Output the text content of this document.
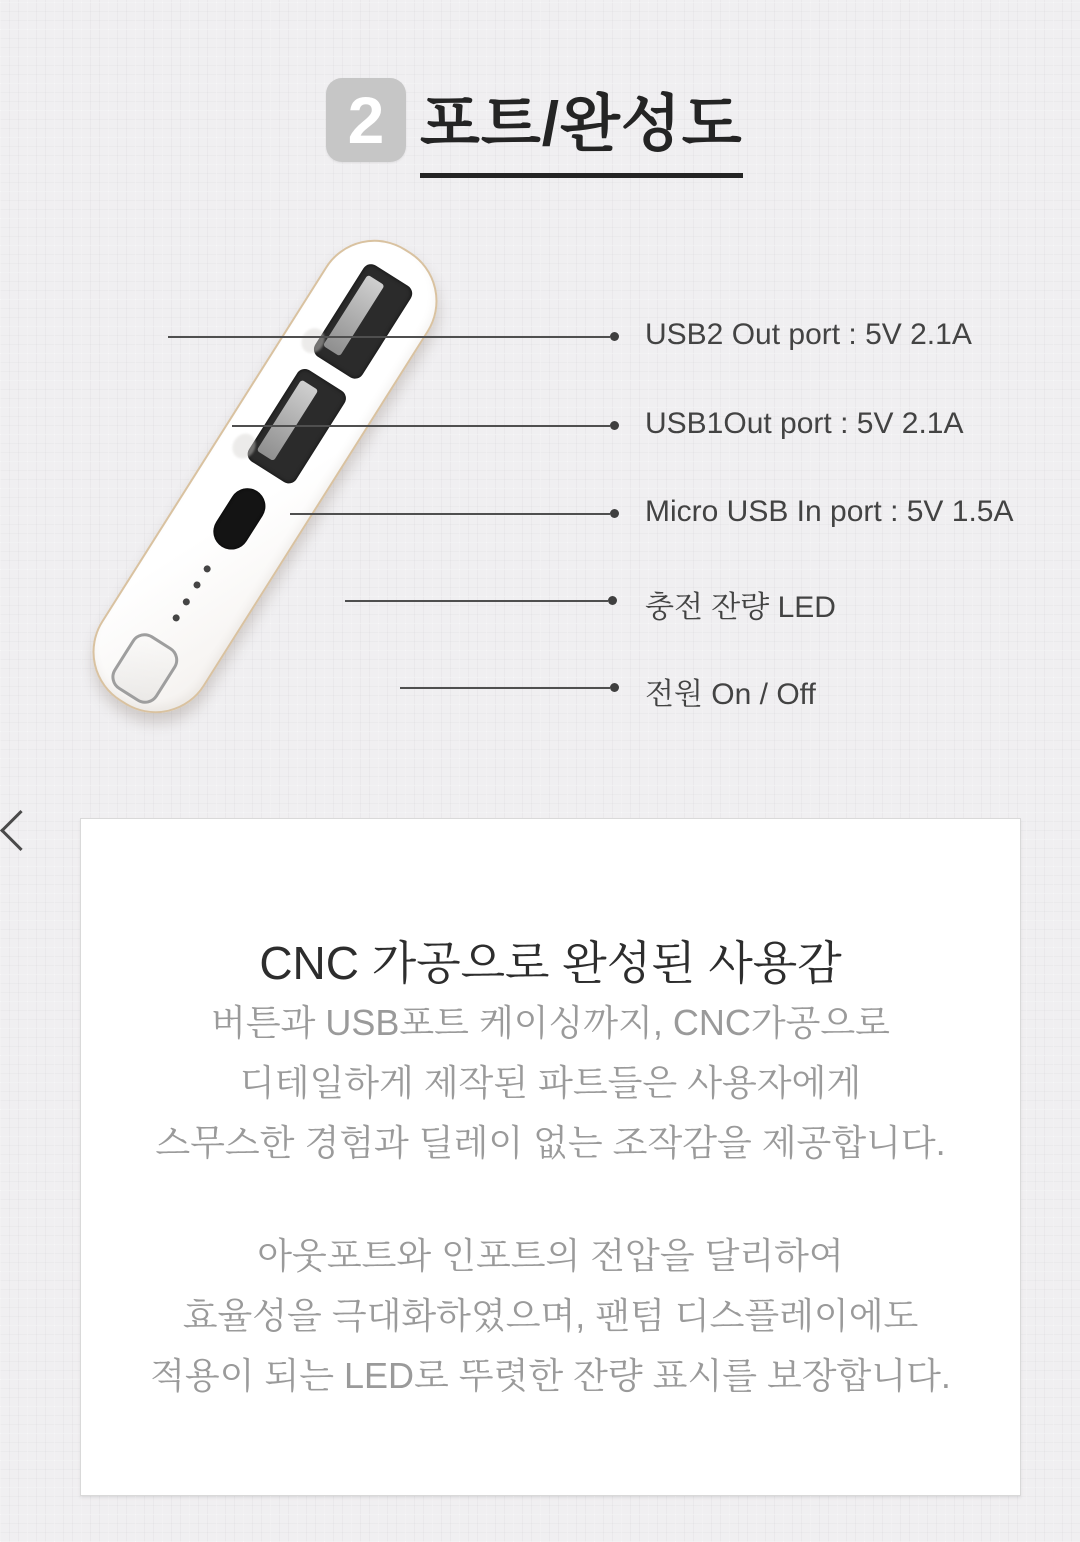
2 포트/완성도
USB2 Out port : 5V 2.1A
USB1Out port : 5V 2.1A
Micro USB In port : 5V 1.5A
충전 잔량 LED
전원 On / Off
CNC 가공으로 완성된 사용감

버튼과 USB포트 케이싱까지, CNC가공으로
디테일하게 제작된 파트들은 사용자에게
스무스한 경험과 딜레이 없는 조작감을 제공합니다.

아웃포트와 인포트의 전압을 달리하여
효율성을 극대화하였으며, 팬텀 디스플레이에도
적용이 되는 LED로 뚜렷한 잔량 표시를 보장합니다.
